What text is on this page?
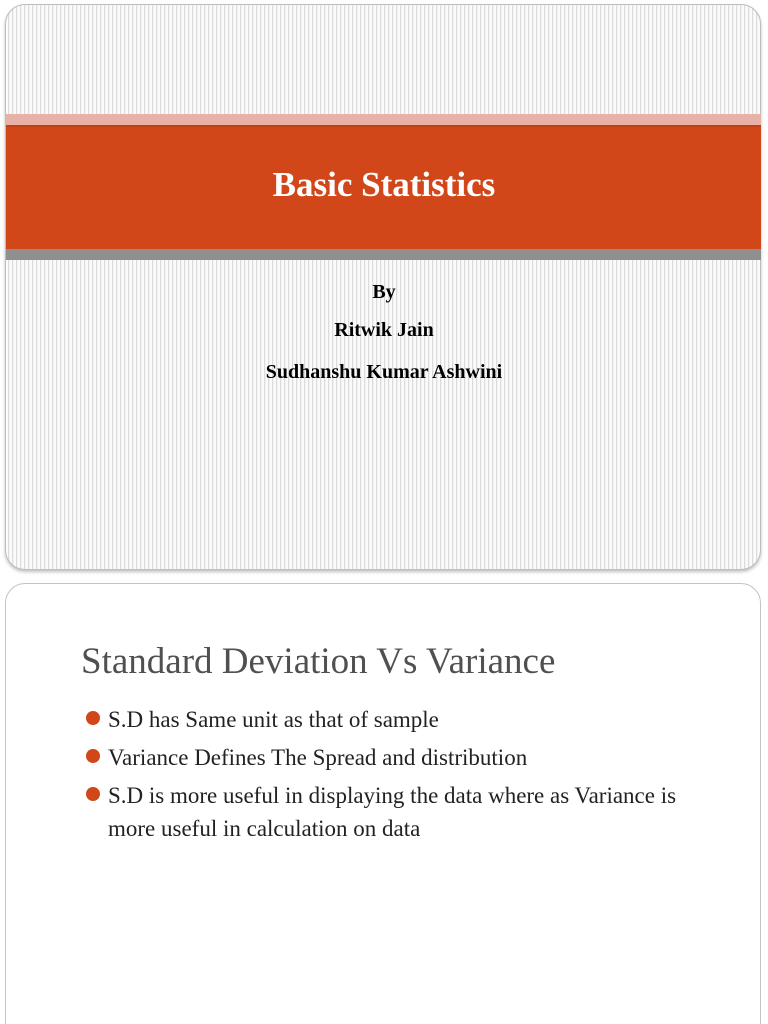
Basic Statistics
By
Ritwik Jain
Sudhanshu Kumar Ashwini
Standard Deviation Vs Variance
S.D has Same unit as that of sample
Variance Defines The Spread and distribution
S.D is more useful in displaying the data where as Variance is more useful in calculation on data
